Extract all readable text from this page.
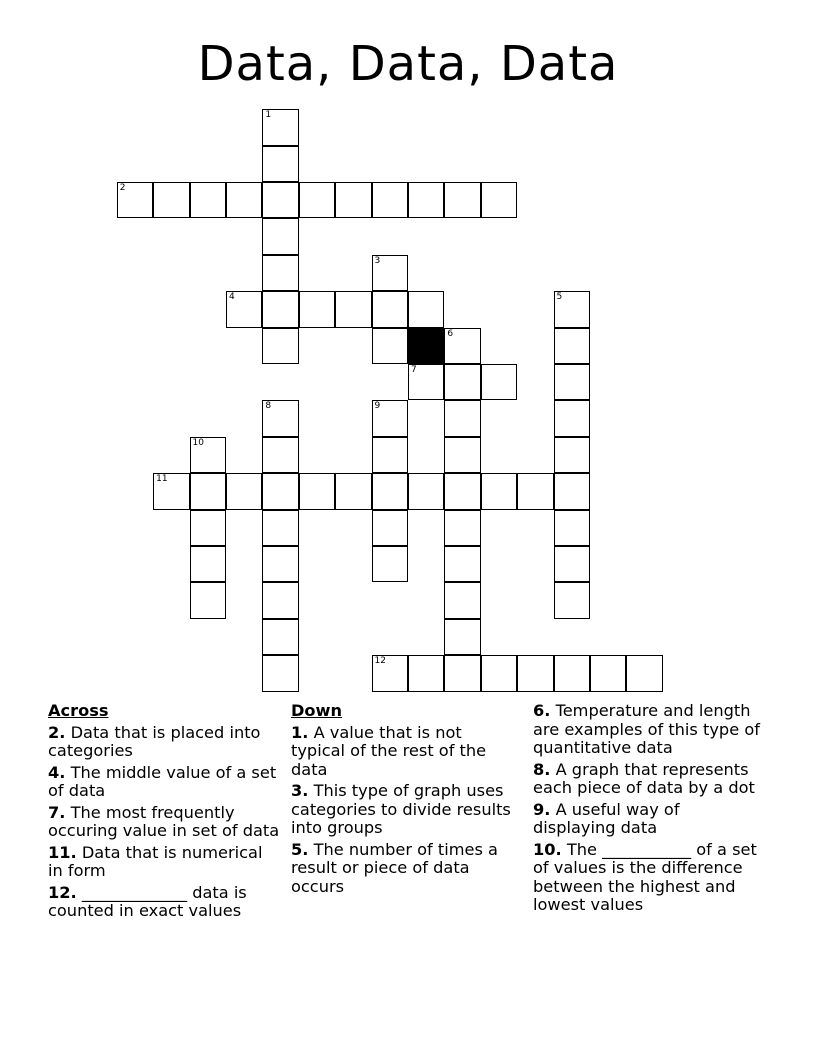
Data, Data, Data
1
2
3
4	5
6
7
8	9
10
11
12
Across
2. Data that is placed into categories
4. The middle value of a set of data
7. The most frequently occuring value in set of data
11. Data that is numerical in form
12. _____________ data is counted in exact values
Down
1. A value that is not typical of the rest of the data
3. This type of graph uses categories to divide results into groups
5. The number of times a result or piece of data occurs
6. Temperature and length are examples of this type of quantitative data
8. A graph that represents each piece of data by a dot
9. A useful way of displaying data
10. The ___________ of a set of values is the difference between the highest and lowest values
